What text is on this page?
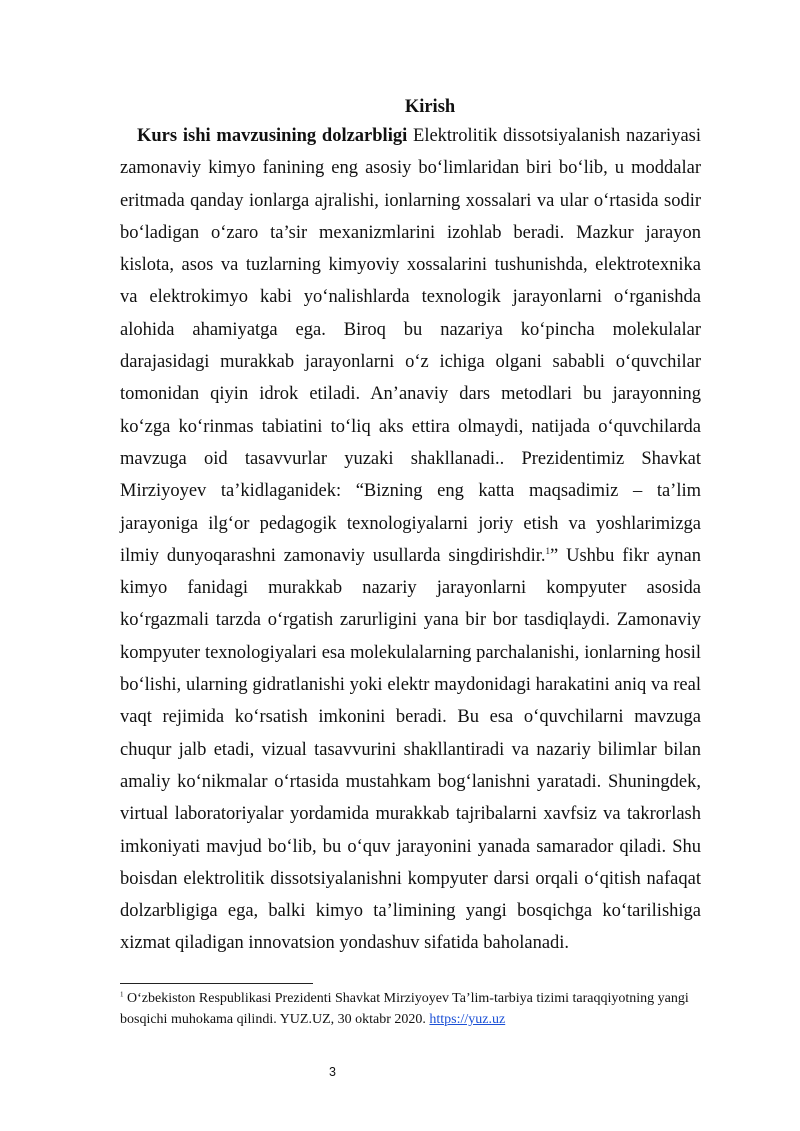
Kirish

Kurs ishi mavzusining dolzarbligi Elektrolitik dissotsiyalanish nazariyasi zamonaviy kimyo fanining eng asosiy bo‘limlaridan biri bo‘lib, u moddalar eritmada qanday ionlarga ajralishi, ionlarning xossalari va ular o‘rtasida sodir bo‘ladigan o‘zaro ta’sir mexanizmlarini izohlab beradi. Mazkur jarayon kislota, asos va tuzlarning kimyoviy xossalarini tushunishda, elektrotexnika va elektrokimyo kabi yo‘nalishlarda texnologik jarayonlarni o‘rganishda alohida ahamiyatga ega. Biroq bu nazariya ko‘pincha molekulalar darajasidagi murakkab jarayonlarni o‘z ichiga olgani sababli o‘quvchilar tomonidan qiyin idrok etiladi. An’anaviy dars metodlari bu jarayonning ko‘zga ko‘rinmas tabiatini to‘liq aks ettira olmaydi, natijada o‘quvchilarda mavzuga oid tasavvurlar yuzaki shakllanadi.. Prezidentimiz Shavkat Mirziyoyev ta’kidlaganidek: “Bizning eng katta maqsadimiz – ta’lim jarayoniga ilg‘or pedagogik texnologiyalarni joriy etish va yoshlarimizga ilmiy dunyoqarashni zamonaviy usullarda singdirishdir.$^1$” Ushbu fikr aynan kimyo fanidagi murakkab nazariy jarayonlarni kompyuter asosida ko‘rgazmali tarzda o‘rgatish zarurligini yana bir bor tasdiqlaydi. Zamonaviy kompyuter texnologiyalari esa molekulalarning parchalanishi, ionlarning hosil bo‘lishi, ularning gidratlanishi yoki elektr maydonidagi harakatini aniq va real vaqt rejimida ko‘rsatish imkonini beradi. Bu esa o‘quvchilarni mavzuga chuqur jalb etadi, vizual tasavvurini shakllantiradi va nazariy bilimlar bilan amaliy ko‘nikmalar o‘rtasida mustahkam bog‘lanishni yaratadi. Shuningdek, virtual laboratoriyalar yordamida murakkab tajribalarni xavfsiz va takrorlash imkoniyati mavjud bo‘lib, bu o‘quv jarayonini yanada samarador qiladi. Shu boisdan elektrolitik dissotsiyalanishni kompyuter darsi orqali o‘qitish nafaqat dolzarbligiga ega, balki kimyo ta’limining yangi bosqichga ko‘tarilishiga xizmat qiladigan innovatsion yondashuv sifatida baholanadi.

$^1$ O‘zbekiston Respublikasi Prezidenti Shavkat Mirziyoyev Ta’lim-tarbiya tizimi taraqqiyotning yangi bosqichi muhokama qilindi. YUZ.UZ, 30 oktabr 2020. https://yuz.uz

3
